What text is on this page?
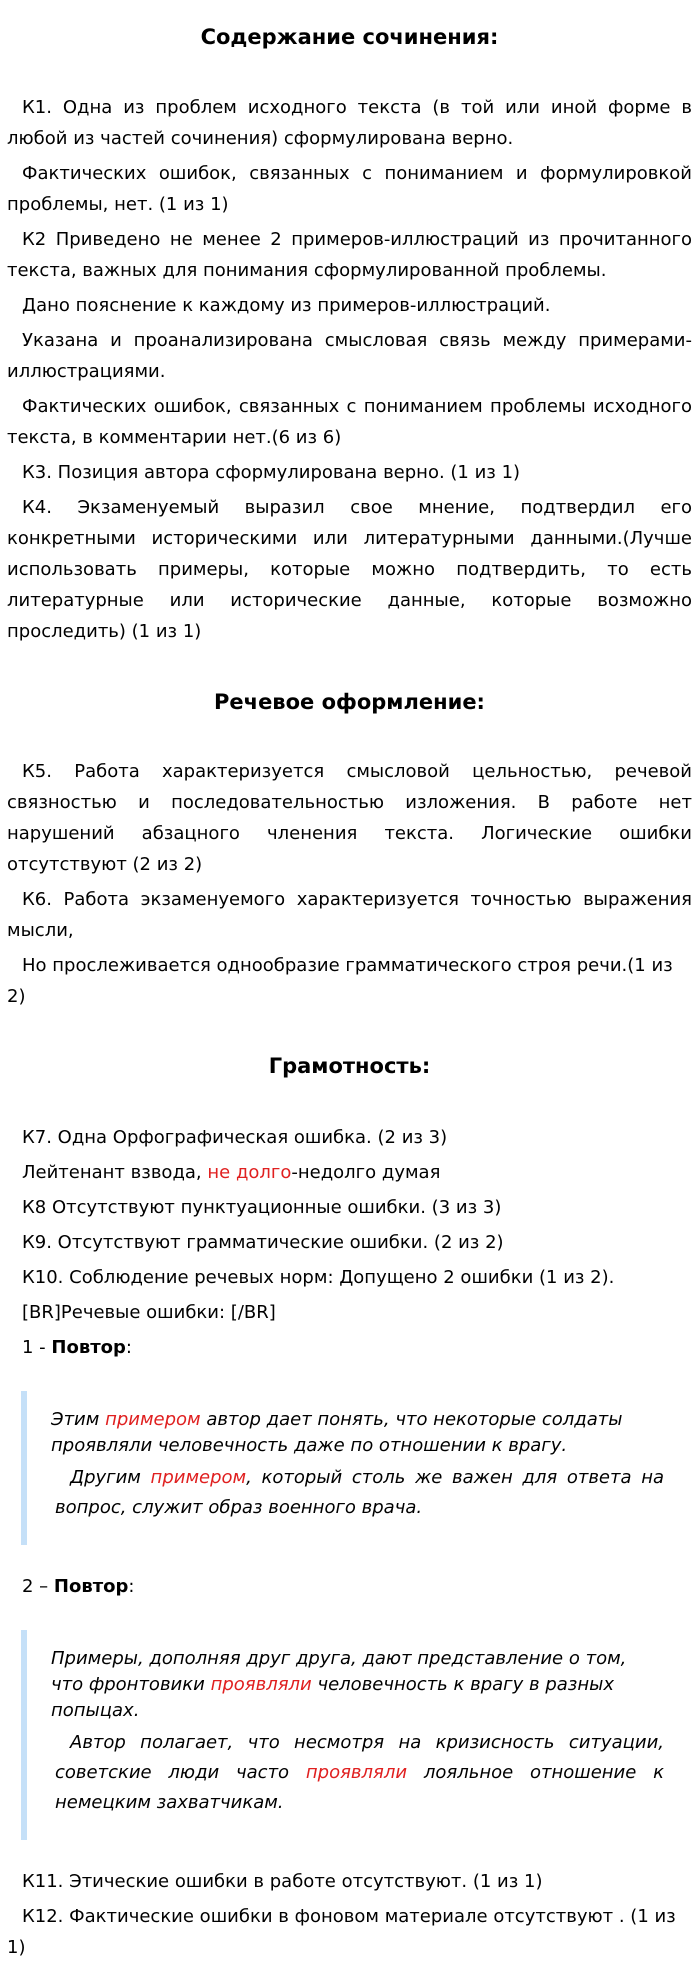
Содержание сочинения:

К1. Одна из проблем исходного текста (в той или иной форме в любой из частей сочинения) сформулирована верно.

Фактических ошибок, связанных с пониманием и формулировкой проблемы, нет. (1 из 1)

К2 Приведено не менее 2 примеров-иллюстраций из прочитанного текста, важных для понимания сформулированной проблемы.

Дано пояснение к каждому из примеров-иллюстраций.

Указана и проанализирована смысловая связь между примерами-иллюстрациями.

Фактических ошибок, связанных с пониманием проблемы исходного текста, в комментарии нет.(6 из 6)

К3. Позиция автора сформулирована верно. (1 из 1)

К4. Экзаменуемый выразил свое мнение, подтвердил его конкретными историческими или литературными данными.(Лучше использовать примеры, которые можно подтвердить, то есть литературные или исторические данные, которые возможно проследить) (1 из 1)

Речевое оформление:

К5. Работа характеризуется смысловой цельностью, речевой связностью и последовательностью изложения. В работе нет нарушений абзацного членения текста. Логические ошибки отсутствуют (2 из 2)

К6. Работа экзаменуемого характеризуется точностью выражения мысли,

Но прослеживается однообразие грамматического строя речи.(1 из 2)

Грамотность:

К7. Одна Орфографическая ошибка. (2 из 3)

Лейтенант взвода, не долго-недолго думая

К8 Отсутствуют пунктуационные ошибки. (3 из 3)

К9. Отсутствуют грамматические ошибки. (2 из 2)

К10. Соблюдение речевых норм: Допущено 2 ошибки (1 из 2).

[BR]Речевые ошибки: [/BR]

1 - Повтор:

Этим примером автор дает понять, что некоторые солдаты проявляли человечность даже по отношении к врагу.

Другим примером, который столь же важен для ответа на вопрос, служит образ военного врача.

2 – Повтор:

Примеры, дополняя друг друга, дают представление о том, что фронтовики проявляли человечность к врагу в разных попыцах.

Автор полагает, что несмотря на кризисность ситуации, советские люди часто проявляли лояльное отношение к немецким захватчикам.

К11. Этические ошибки в работе отсутствуют. (1 из 1)

К12. Фактические ошибки в фоновом материале отсутствуют . (1 из 1)
